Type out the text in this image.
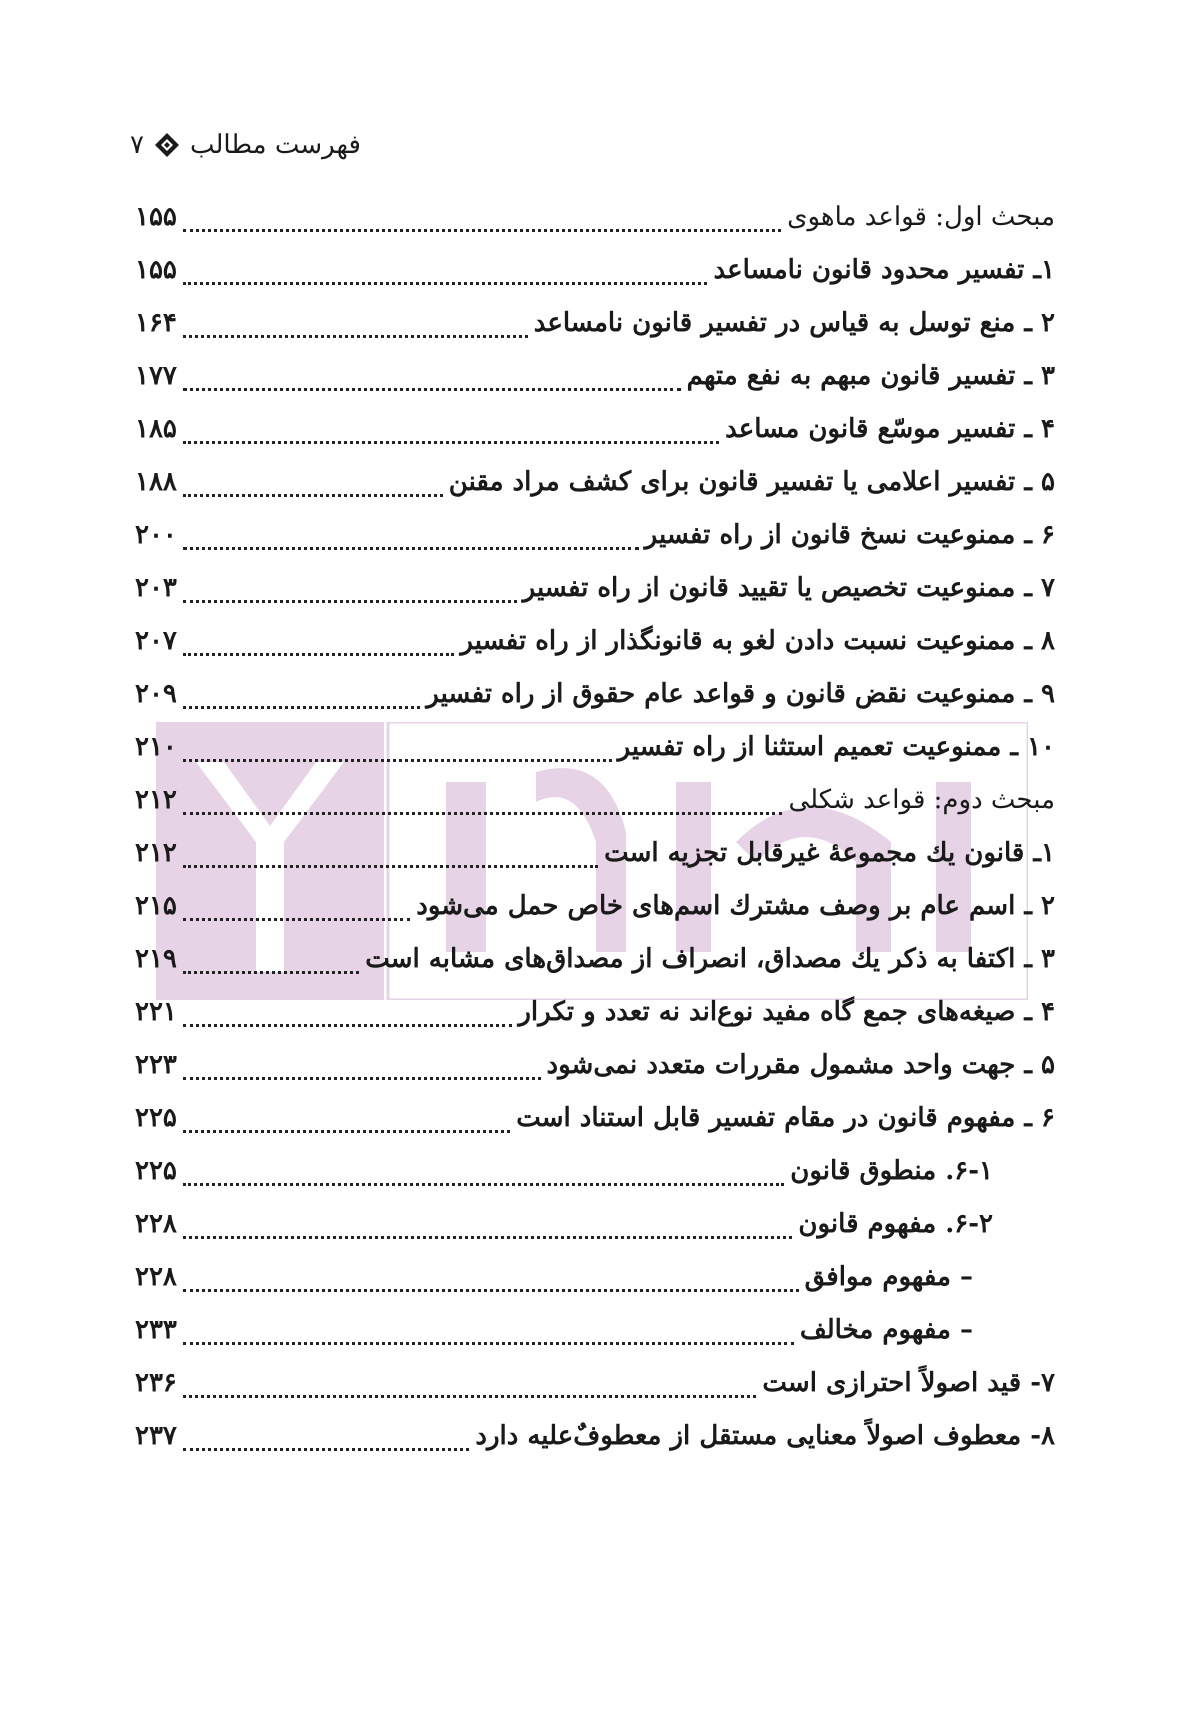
۷ فهرست مطالب
۱۵۵	مبحث اول: قواعد ماهوی
۱۵۵	۱ـ تفسیر محدود قانون نامساعد
۱۶۴	۲ ـ منع توسل به قیاس در تفسیر قانون نامساعد
۱۷۷	۳ ـ تفسیر قانون مبهم به نفع متهم
۱۸۵	۴ ـ تفسیر موسّع قانون مساعد
۱۸۸	۵ ـ تفسیر اعلامی یا تفسیر قانون برای کشف مراد مقنن
۲۰۰	۶ ـ ممنوعیت نسخ قانون از راه تفسیر
۲۰۳	۷ ـ ممنوعیت تخصیص یا تقیید قانون از راه تفسیر
۲۰۷	۸ ـ ممنوعیت نسبت دادن لغو به قانونگذار از راه تفسیر
۲۰۹	۹ ـ ممنوعیت نقض قانون و قواعد عام حقوق از راه تفسیر
۲۱۰	۱۰ ـ ممنوعیت تعمیم استثنا از راه تفسیر
۲۱۲	مبحث دوم: قواعد شکلی
۲۱۲	۱ـ قانون یك مجموعهٔ غیرقابل تجزیه است
۲۱۵	۲ ـ اسم عام بر وصف مشترك اسم‌های خاص حمل می‌شود
۲۱۹	۳ ـ اکتفا به ذکر یك مصداق، انصراف از مصداق‌های مشابه است
۲۲۱	۴ ـ صیغه‌های جمع گاه مفید نوع‌اند نه تعدد و تکرار
۲۲۳	۵ ـ جهت واحد مشمول مقررات متعدد نمی‌شود
۲۲۵	۶ ـ مفهوم قانون در مقام تفسیر قابل استناد است
۲۲۵	۶-۱. منطوق قانون
۲۲۸	۶-۲. مفهوم قانون
۲۲۸	– مفهوم موافق
۲۳۳	– مفهوم مخالف
۲۳۶	۷- قید اصولاً احترازی است
۲۳۷	۸- معطوف اصولاً معنایی مستقل از معطوفٌ‌علیه دارد
